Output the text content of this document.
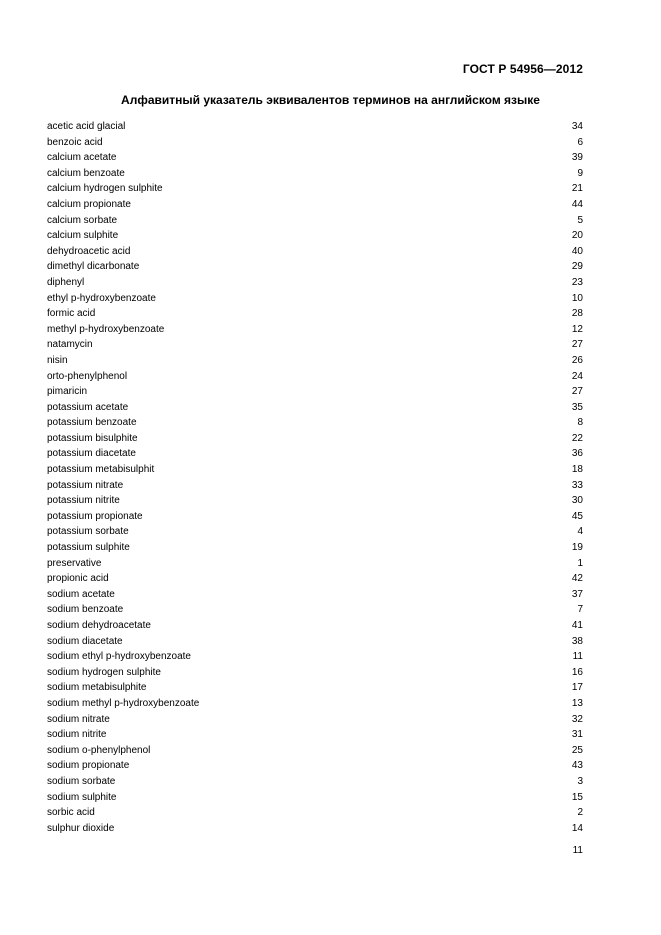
ГОСТ Р 54956—2012
Алфавитный указатель эквивалентов терминов на английском языке
acetic acid glacial	34
benzoic acid	6
calcium acetate	39
calcium benzoate	9
calcium hydrogen sulphite	21
calcium propionate	44
calcium sorbate	5
calcium sulphite	20
dehydroacetic acid	40
dimethyl dicarbonate	29
diphenyl	23
ethyl p-hydroxybenzoate	10
formic acid	28
methyl p-hydroxybenzoate	12
natamycin	27
nisin	26
orto-phenylphenol	24
pimaricin	27
potassium acetate	35
potassium benzoate	8
potassium bisulphite	22
potassium diacetate	36
potassium metabisulphit	18
potassium nitrate	33
potassium nitrite	30
potassium propionate	45
potassium sorbate	4
potassium sulphite	19
preservative	1
propionic acid	42
sodium acetate	37
sodium benzoate	7
sodium dehydroacetate	41
sodium diacetate	38
sodium ethyl p-hydroxybenzoate	11
sodium hydrogen sulphite	16
sodium metabisulphite	17
sodium methyl p-hydroxybenzoate	13
sodium nitrate	32
sodium nitrite	31
sodium o-phenylphenol	25
sodium propionate	43
sodium sorbate	3
sodium sulphite	15
sorbic acid	2
sulphur dioxide	14
11
